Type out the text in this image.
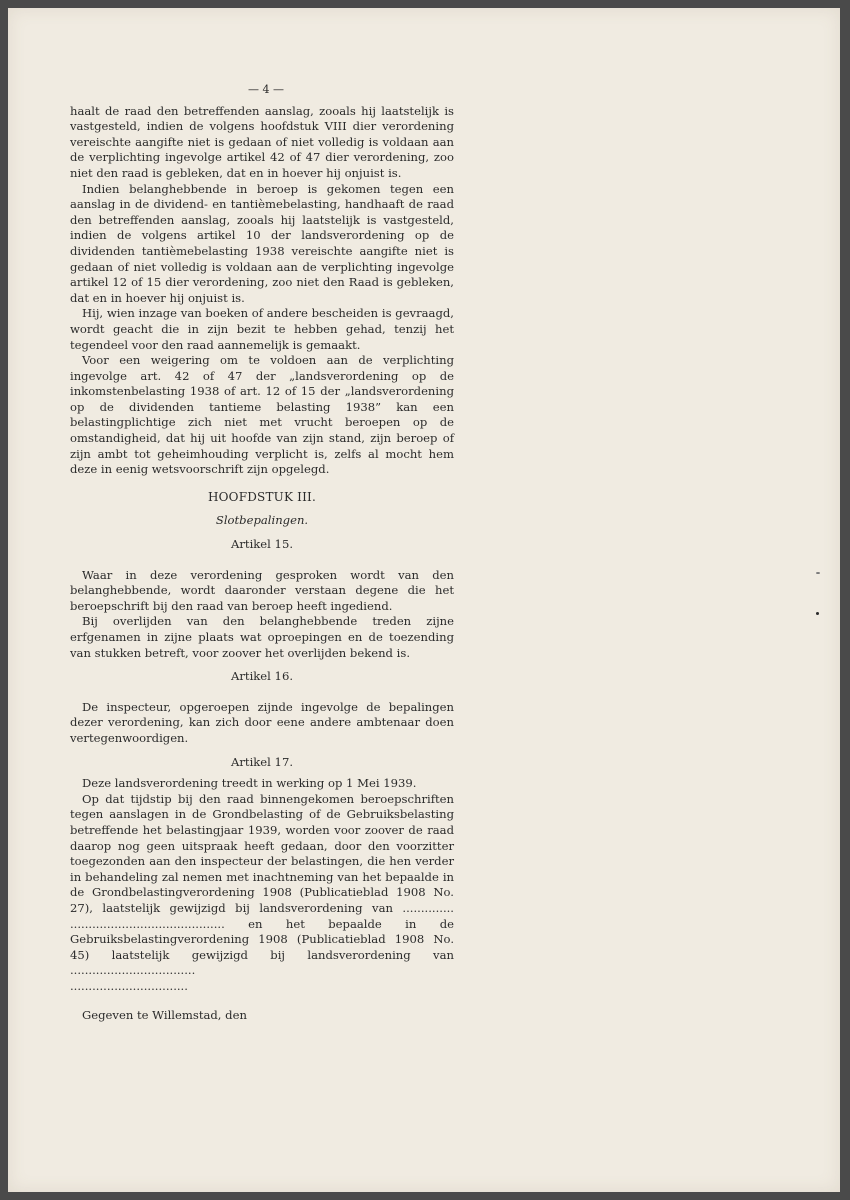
— 4 —

haalt de raad den betreffenden aanslag, zooals hij laatstelijk is vastgesteld, indien de volgens hoofdstuk VIII dier verordening vereischte aangifte niet is gedaan of niet volledig is voldaan aan de verplichting ingevolge artikel 42 of 47 dier verordening, zoo niet den raad is gebleken, dat en in hoever hij onjuist is.

Indien belanghebbende in beroep is gekomen tegen een aanslag in de dividend- en tantièmebelasting, handhaaft de raad den betreffenden aanslag, zooals hij laatstelijk is vastgesteld, indien de volgens artikel 10 der landsverordening op de dividenden tantièmebelasting 1938 vereischte aangifte niet is gedaan of niet volledig is voldaan aan de verplichting ingevolge artikel 12 of 15 dier verordening, zoo niet den Raad is gebleken, dat en in hoever hij onjuist is.

Hij, wien inzage van boeken of andere bescheiden is gevraagd, wordt geacht die in zijn bezit te hebben gehad, tenzij het tegendeel voor den raad aannemelijk is gemaakt.

Voor een weigering om te voldoen aan de verplichting ingevolge art. 42 of 47 der „landsverordening op de inkomstenbelasting 1938 of art. 12 of 15 der „landsverordening op de dividenden tantieme belasting 1938” kan een belastingplichtige zich niet met vrucht beroepen op de omstandigheid, dat hij uit hoofde van zijn stand, zijn beroep of zijn ambt tot geheimhouding verplicht is, zelfs al mocht hem deze in eenig wetsvoorschrift zijn opgelegd.

HOOFDSTUK III.

Slotbepalingen.

Artikel 15.

Waar in deze verordening gesproken wordt van den belanghebbende, wordt daaronder verstaan degene die het beroepschrift bij den raad van beroep heeft ingediend.

Bij overlijden van den belanghebbende treden zijne erfgenamen in zijne plaats wat oproepingen en de toezending van stukken betreft, voor zoover het overlijden bekend is.

Artikel 16.

De inspecteur, opgeroepen zijnde ingevolge de bepalingen dezer verordening, kan zich door eene andere ambtenaar doen vertegenwoordigen.

Artikel 17.

Deze landsverordening treedt in werking op 1 Mei 1939.

Op dat tijdstip bij den raad binnengekomen beroepschriften tegen aanslagen in de Grondbelasting of de Gebruiksbelasting betreffende het belastingjaar 1939, worden voor zoover de raad daarop nog geen uitspraak heeft gedaan, door den voorzitter toegezonden aan den inspecteur der belastingen, die hen verder in behandeling zal nemen met inachtneming van het bepaalde in de Grondbelastingverordening 1908 (Publicatieblad 1908 No. 27), laatstelijk gewijzigd bij landsverordening van .............. .......................................... en het bepaalde in de Gebruiksbelastingverordening 1908 (Publicatieblad 1908 No. 45) laatstelijk gewijzigd bij landsverordening van ..................................

................................

Gegeven te Willemstad, den
